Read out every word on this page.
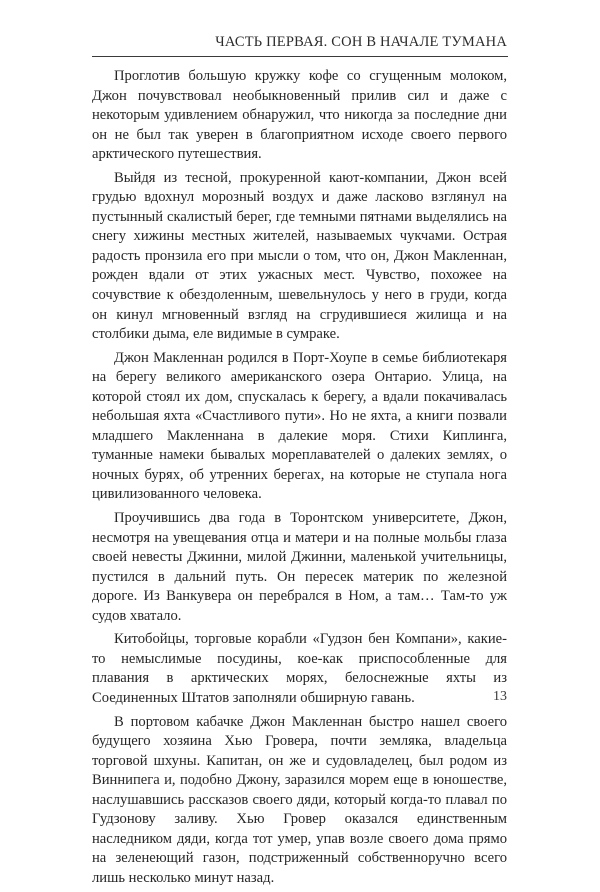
ЧАСТЬ ПЕРВАЯ. СОН В НАЧАЛЕ ТУМАНА

Проглотив большую кружку кофе со сгущенным молоком, Джон почувствовал необыкновенный прилив сил и даже с некоторым удивлением обнаружил, что никогда за последние дни он не был так уверен в благоприятном исходе своего первого арктического путешествия.

Выйдя из тесной, прокуренной кают-компании, Джон всей грудью вдохнул морозный воздух и даже ласково взглянул на пустынный скалистый берег, где темными пятнами выделялись на снегу хижины местных жителей, называемых чукчами. Острая радость пронзила его при мысли о том, что он, Джон Макленнан, рожден вдали от этих ужасных мест. Чувство, похожее на сочувствие к обездоленным, шевельнулось у него в груди, когда он кинул мгновенный взгляд на сгрудившиеся жилища и на столбики дыма, еле видимые в сумраке.

Джон Макленнан родился в Порт-Хоупе в семье библиотекаря на берегу великого американского озера Онтарио. Улица, на которой стоял их дом, спускалась к берегу, а вдали покачивалась небольшая яхта «Счастливого пути». Но не яхта, а книги позвали младшего Макленнана в далекие моря. Стихи Киплинга, туманные намеки бывалых мореплавателей о далеких землях, о ночных бурях, об утренних берегах, на которые не ступала нога цивилизованного человека.

Проучившись два года в Торонтском университете, Джон, несмотря на увещевания отца и матери и на полные мольбы глаза своей невесты Джинни, милой Джинни, маленькой учительницы, пустился в дальний путь. Он пересек материк по железной дороге. Из Ванкувера он перебрался в Ном, а там… Там-то уж судов хватало.

Китобойцы, торговые корабли «Гудзон бен Компани», какие-то немыслимые посудины, кое-как приспособленные для плавания в арктических морях, белоснежные яхты из Соединенных Штатов заполняли обширную гавань.

В портовом кабачке Джон Макленнан быстро нашел своего будущего хозяина Хью Гровера, почти земляка, владельца торговой шхуны. Капитан, он же и судовладелец, был родом из Виннипега и, подобно Джону, заразился морем еще в юношестве, наслушавшись рассказов своего дяди, который когда-то плавал по Гудзонову заливу. Хью Гровер оказался единственным наследником дяди, когда тот умер, упав возле своего дома прямо на зеленеющий газон, подстриженный собственноручно всего лишь несколько минут назад.

13
